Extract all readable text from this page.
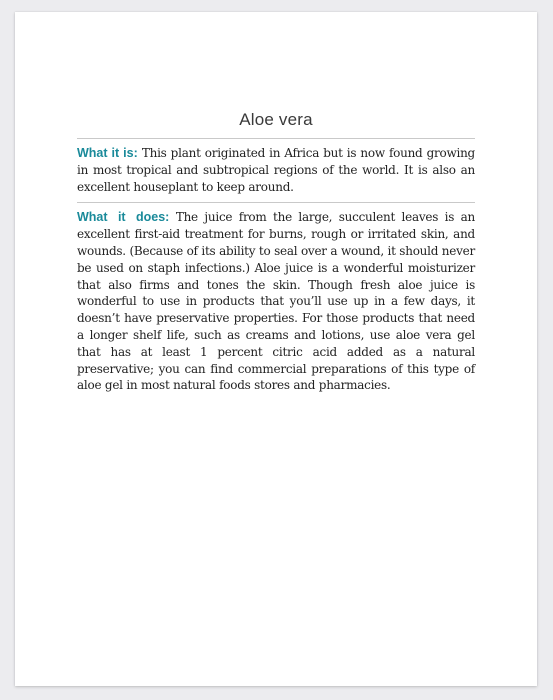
Aloe vera

What it is: This plant originated in Africa but is now found growing in most tropical and subtropical regions of the world. It is also an excellent houseplant to keep around.

What it does: The juice from the large, succulent leaves is an excellent first-aid treatment for burns, rough or irritated skin, and wounds. (Because of its ability to seal over a wound, it should never be used on staph infections.) Aloe juice is a wonderful moisturizer that also firms and tones the skin. Though fresh aloe juice is wonderful to use in products that you’ll use up in a few days, it doesn’t have preservative properties. For those products that need a longer shelf life, such as creams and lotions, use aloe vera gel that has at least 1 percent citric acid added as a natural preservative; you can find commercial preparations of this type of aloe gel in most natural foods stores and pharmacies.
